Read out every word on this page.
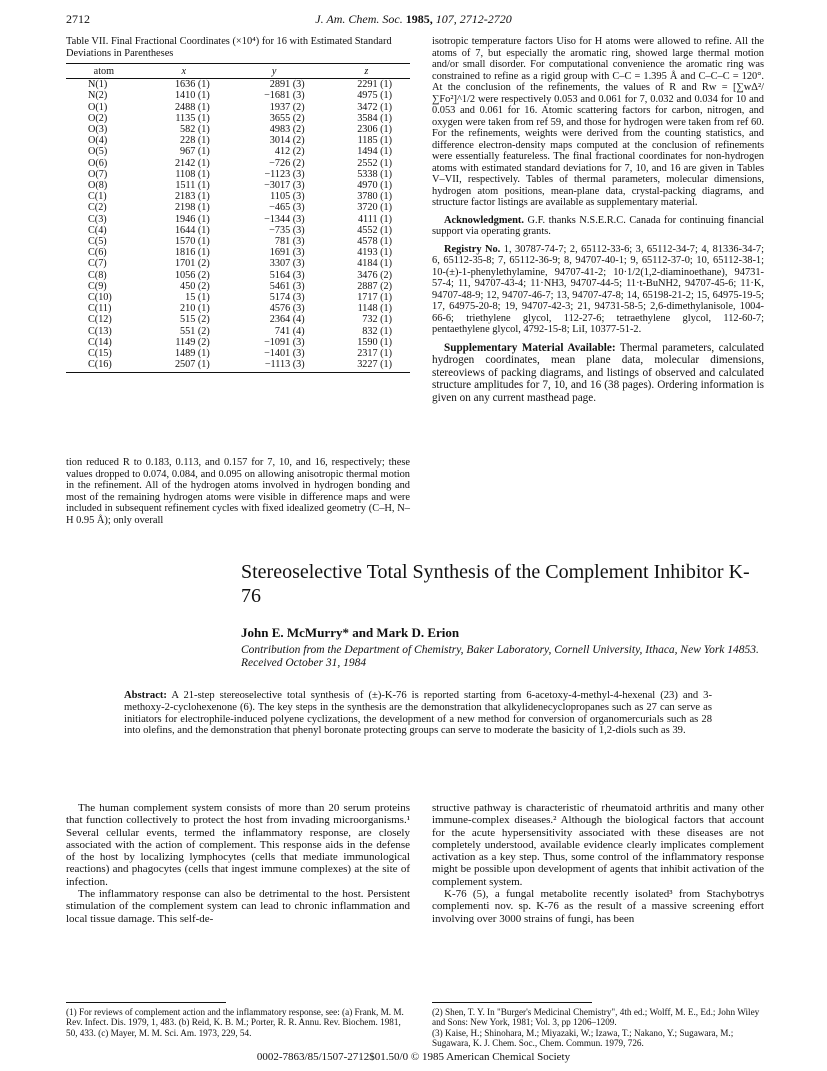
2712	J. Am. Chem. Soc. 1985, 107, 2712-2720
Table VII. Final Fractional Coordinates (×10⁴) for 16 with Estimated Standard Deviations in Parentheses
atom	x	y	z
N(1)	1636 (1)	2891 (3)	2291 (1)
N(2)	1410 (1)	−1681 (3)	4975 (1)
O(1)	2488 (1)	1937 (2)	3472 (1)
O(2)	1135 (1)	3655 (2)	3584 (1)
O(3)	582 (1)	4983 (2)	2306 (1)
O(4)	228 (1)	3014 (2)	1185 (1)
O(5)	967 (1)	412 (2)	1494 (1)
O(6)	2142 (1)	−726 (2)	2552 (1)
O(7)	1108 (1)	−1123 (3)	5338 (1)
O(8)	1511 (1)	−3017 (3)	4970 (1)
C(1)	2183 (1)	1105 (3)	3780 (1)
C(2)	2198 (1)	−465 (3)	3720 (1)
C(3)	1946 (1)	−1344 (3)	4111 (1)
C(4)	1644 (1)	−735 (3)	4552 (1)
C(5)	1570 (1)	781 (3)	4578 (1)
C(6)	1816 (1)	1691 (3)	4193 (1)
C(7)	1701 (2)	3307 (3)	4184 (1)
C(8)	1056 (2)	5164 (3)	3476 (2)
C(9)	450 (2)	5461 (3)	2887 (2)
C(10)	15 (1)	5174 (3)	1717 (1)
C(11)	210 (1)	4576 (3)	1148 (1)
C(12)	515 (2)	2364 (4)	732 (1)
C(13)	551 (2)	741 (4)	832 (1)
C(14)	1149 (2)	−1091 (3)	1590 (1)
C(15)	1489 (1)	−1401 (3)	2317 (1)
C(16)	2507 (1)	−1113 (3)	3227 (1)

tion reduced R to 0.183, 0.113, and 0.157 for 7, 10, and 16, respectively; these values dropped to 0.074, 0.084, and 0.095 on allowing anisotropic thermal motion in the refinement. All of the hydrogen atoms involved in hydrogen bonding and most of the remaining hydrogen atoms were visible in difference maps and were included in subsequent refinement cycles with fixed idealized geometry (C–H, N–H 0.95 Å); only overall

isotropic temperature factors Uiso for H atoms were allowed to refine. All the atoms of 7, but especially the aromatic ring, showed large thermal motion and/or small disorder. For computational convenience the aromatic ring was constrained to refine as a rigid group with C–C = 1.395 Å and C–C–C = 120°. At the conclusion of the refinements, the values of R and Rw = [∑wΔ²/∑Fo²]^1/2 were respectively 0.053 and 0.061 for 7, 0.032 and 0.034 for 10 and 0.053 and 0.061 for 16. Atomic scattering factors for carbon, nitrogen, and oxygen were taken from ref 59, and those for hydrogen were taken from ref 60. For the refinements, weights were derived from the counting statistics, and difference electron-density maps computed at the conclusion of refinements were essentially featureless. The final fractional coordinates for non-hydrogen atoms with estimated standard deviations for 7, 10, and 16 are given in Tables V–VII, respectively. Tables of thermal parameters, molecular dimensions, hydrogen atom positions, mean-plane data, crystal-packing diagrams, and structure factor listings are available as supplementary material.

Acknowledgment. G.F. thanks N.S.E.R.C. Canada for continuing financial support via operating grants.

Registry No. 1, 30787-74-7; 2, 65112-33-6; 3, 65112-34-7; 4, 81336-34-7; 6, 65112-35-8; 7, 65112-36-9; 8, 94707-40-1; 9, 65112-37-0; 10, 65112-38-1; 10-(±)-1-phenylethylamine, 94707-41-2; 10·1/2(1,2-diaminoethane), 94731-57-4; 11, 94707-43-4; 11·NH3, 94707-44-5; 11·t-BuNH2, 94707-45-6; 11·K, 94707-48-9; 12, 94707-46-7; 13, 94707-47-8; 14, 65198-21-2; 15, 64975-19-5; 17, 64975-20-8; 19, 94707-42-3; 21, 94731-58-5; 2,6-dimethylanisole, 1004-66-6; triethylene glycol, 112-27-6; tetraethylene glycol, 112-60-7; pentaethylene glycol, 4792-15-8; LiI, 10377-51-2.

Supplementary Material Available: Thermal parameters, calculated hydrogen coordinates, mean plane data, molecular dimensions, stereoviews of packing diagrams, and listings of observed and calculated structure amplitudes for 7, 10, and 16 (38 pages). Ordering information is given on any current masthead page.

Stereoselective Total Synthesis of the Complement Inhibitor K-76
John E. McMurry* and Mark D. Erion
Contribution from the Department of Chemistry, Baker Laboratory, Cornell University, Ithaca, New York 14853. Received October 31, 1984
Abstract: A 21-step stereoselective total synthesis of (±)-K-76 is reported starting from 6-acetoxy-4-methyl-4-hexenal (23) and 3-methoxy-2-cyclohexenone (6). The key steps in the synthesis are the demonstration that alkylidenecyclopropanes such as 27 can serve as initiators for electrophile-induced polyene cyclizations, the development of a new method for conversion of organomercurials such as 28 into olefins, and the demonstration that phenyl boronate protecting groups can serve to moderate the basicity of 1,2-diols such as 39.

The human complement system consists of more than 20 serum proteins that function collectively to protect the host from invading microorganisms.¹ Several cellular events, termed the inflammatory response, are closely associated with the action of complement. This response aids in the defense of the host by localizing lymphocytes (cells that mediate immunological reactions) and phagocytes (cells that ingest immune complexes) at the site of infection.

The inflammatory response can also be detrimental to the host. Persistent stimulation of the complement system can lead to chronic inflammation and local tissue damage. This self-de-

structive pathway is characteristic of rheumatoid arthritis and many other immune-complex diseases.² Although the biological factors that account for the acute hypersensitivity associated with these diseases are not completely understood, available evidence clearly implicates complement activation as a key step. Thus, some control of the inflammatory response might be possible upon development of agents that inhibit activation of the complement system.

K-76 (5), a fungal metabolite recently isolated³ from Stachybotrys complementi nov. sp. K-76 as the result of a massive screening effort involving over 3000 strains of fungi, has been

(1) For reviews of complement action and the inflammatory response, see: (a) Frank, M. M. Rev. Infect. Dis. 1979, 1, 483. (b) Reid, K. B. M.; Porter, R. R. Annu. Rev. Biochem. 1981, 50, 433. (c) Mayer, M. M. Sci. Am. 1973, 229, 54.
(2) Shen, T. Y. In "Burger's Medicinal Chemistry", 4th ed.; Wolff, M. E., Ed.; John Wiley and Sons: New York, 1981; Vol. 3, pp 1206–1209.
(3) Kaise, H.; Shinohara, M.; Miyazaki, W.; Izawa, T.; Nakano, Y.; Sugawara, M.; Sugawara, K. J. Chem. Soc., Chem. Commun. 1979, 726.
0002-7863/85/1507-2712$01.50/0 © 1985 American Chemical Society
